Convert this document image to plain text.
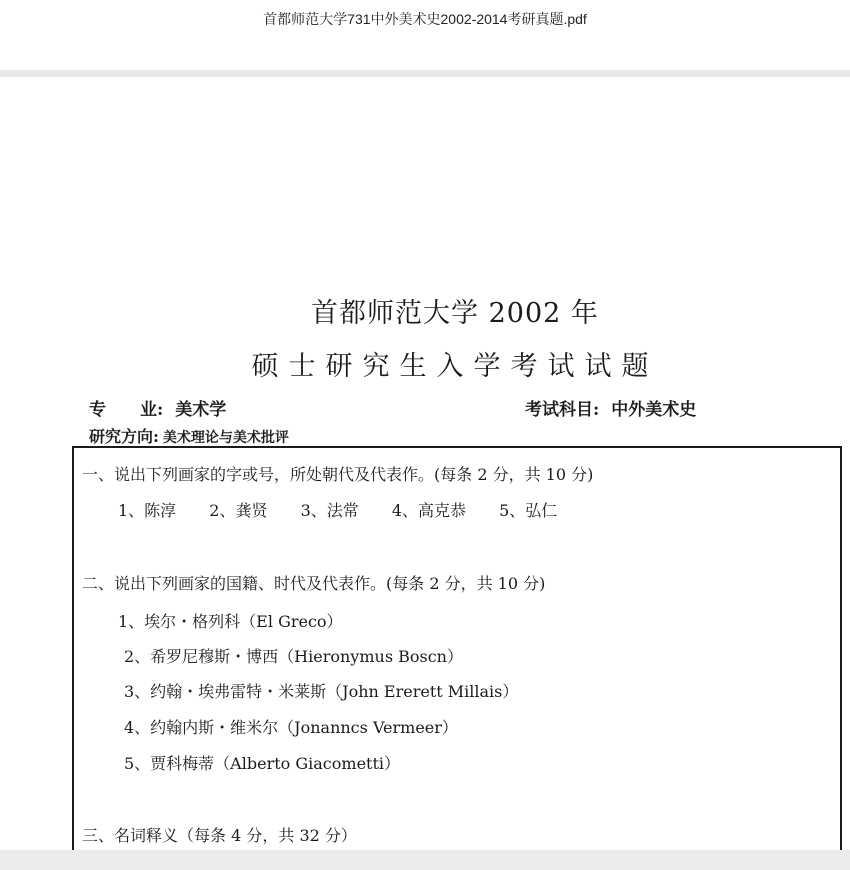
首都师范大学731中外美术史2002-2014考研真题.pdf
首都师范大学 2002 年
硕士研究生入学考试试题
专　　业: 美术学	考试科目: 中外美术史
研究方向: 美术理论与美术批评
一、说出下列画家的字或号，所处朝代及代表作。(每条 2 分，共 10 分)
1、陈淳 2、龚贤 3、法常 4、高克恭 5、弘仁
二、说出下列画家的国籍、时代及代表作。(每条 2 分，共 10 分)
1、埃尔・格列科（El Greco）
2、希罗尼穆斯・博西（Hieronymus Boscn）
3、约翰・埃弗雷特・米莱斯（John Ererett Millais）
4、约翰内斯・维米尔（Jonanncs Vermeer）
5、贾科梅蒂（Alberto Giacometti）
三、名词释义（每条 4 分，共 32 分）
